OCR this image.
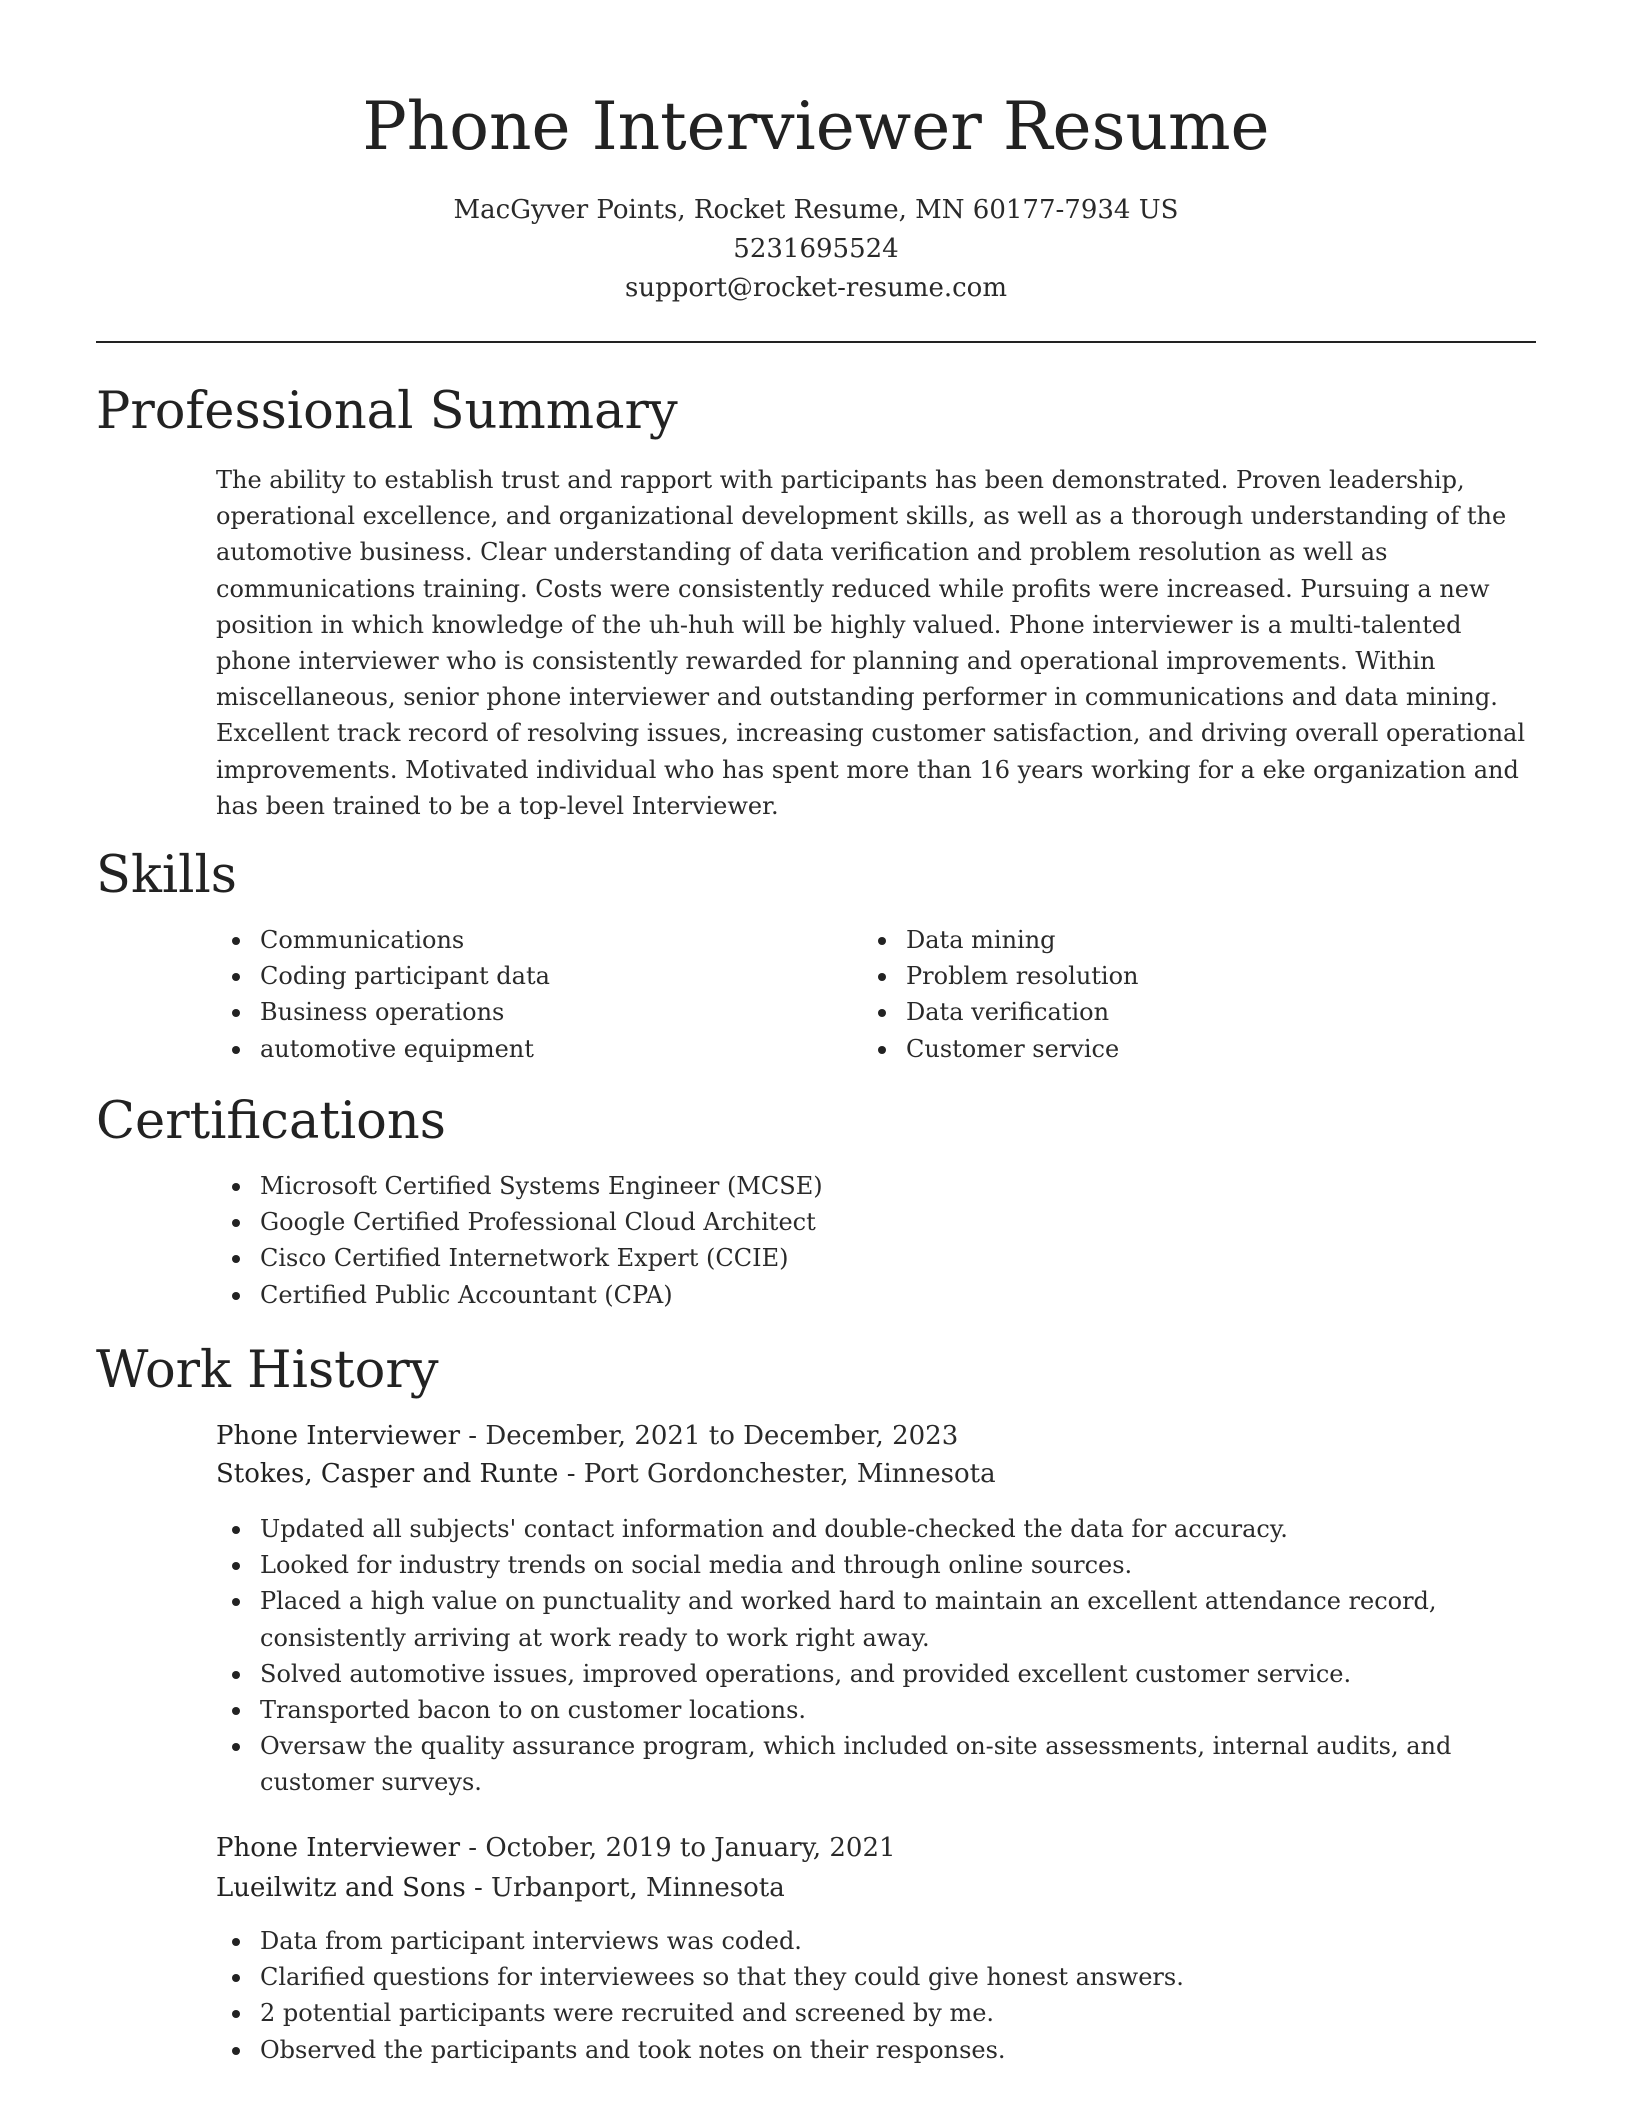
Phone Interviewer Resume
MacGyver Points, Rocket Resume, MN 60177-7934 US
5231695524
support@rocket-resume.com
Professional Summary

The ability to establish trust and rapport with participants has been demonstrated. Proven leadership, operational excellence, and organizational development skills, as well as a thorough understanding of the automotive business. Clear understanding of data verification and problem resolution as well as communications training. Costs were consistently reduced while profits were increased. Pursuing a new position in which knowledge of the uh-huh will be highly valued. Phone interviewer is a multi-talented phone interviewer who is consistently rewarded for planning and operational improvements. Within miscellaneous, senior phone interviewer and outstanding performer in communications and data mining. Excellent track record of resolving issues, increasing customer satisfaction, and driving overall operational improvements. Motivated individual who has spent more than 16 years working for a eke organization and has been trained to be a top-level Interviewer.

Skills
Communications
Coding participant data
Business operations
automotive equipment
Data mining
Problem resolution
Data verification
Customer service
Certifications
Microsoft Certified Systems Engineer (MCSE)
Google Certified Professional Cloud Architect
Cisco Certified Internetwork Expert (CCIE)
Certified Public Accountant (CPA)
Work History
Phone Interviewer - December, 2021 to December, 2023
Stokes, Casper and Runte - Port Gordonchester, Minnesota
Updated all subjects' contact information and double-checked the data for accuracy.
Looked for industry trends on social media and through online sources.
Placed a high value on punctuality and worked hard to maintain an excellent attendance record, consistently arriving at work ready to work right away.
Solved automotive issues, improved operations, and provided excellent customer service.
Transported bacon to on customer locations.
Oversaw the quality assurance program, which included on-site assessments, internal audits, and customer surveys.
Phone Interviewer - October, 2019 to January, 2021
Lueilwitz and Sons - Urbanport, Minnesota
Data from participant interviews was coded.
Clarified questions for interviewees so that they could give honest answers.
2 potential participants were recruited and screened by me.
Observed the participants and took notes on their responses.
